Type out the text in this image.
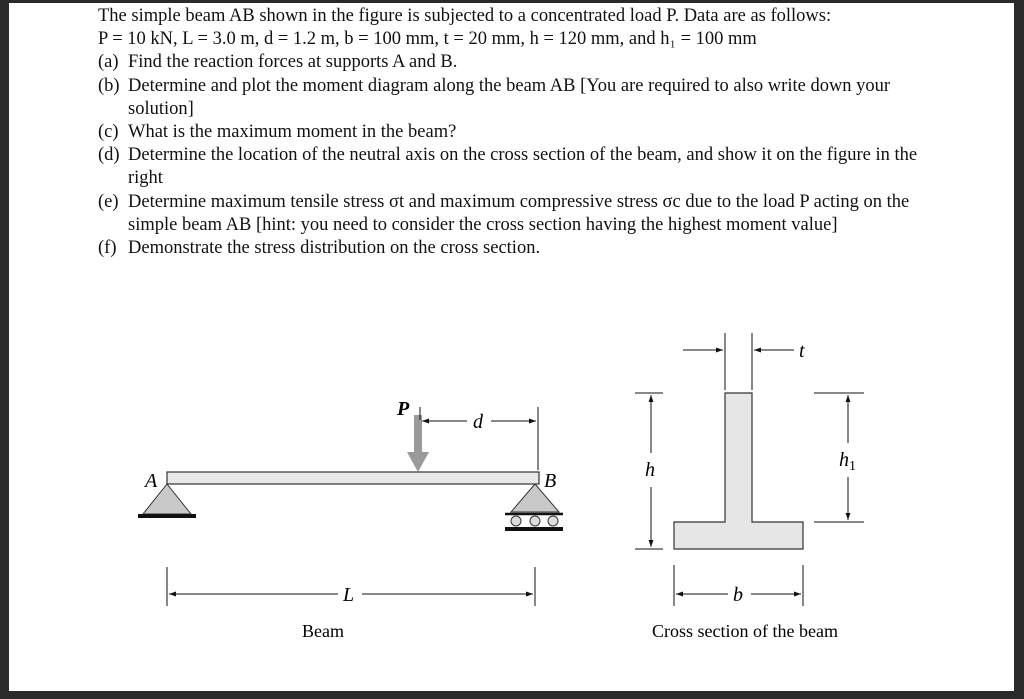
The simple beam AB shown in the figure is subjected to a concentrated load P. Data are as follows:

P = 10 kN, L = 3.0 m, d = 1.2 m, b = 100 mm, t = 20 mm, h = 120 mm, and h₁ = 100 mm

(a) Find the reaction forces at supports A and B.
(b) Determine and plot the moment diagram along the beam AB [You are required to also write down your solution]
(c) What is the maximum moment in the beam?
(d) Determine the location of the neutral axis on the cross section of the beam, and show it on the figure in the right
(e) Determine maximum tensile stress σt and maximum compressive stress σc due to the load P acting on the simple beam AB [hint: you need to consider the cross section having the highest moment value]
(f) Demonstrate the stress distribution on the cross section.
P
d
A	B
L
Beam
t
h	$h_1$
b
Cross section of the beam
